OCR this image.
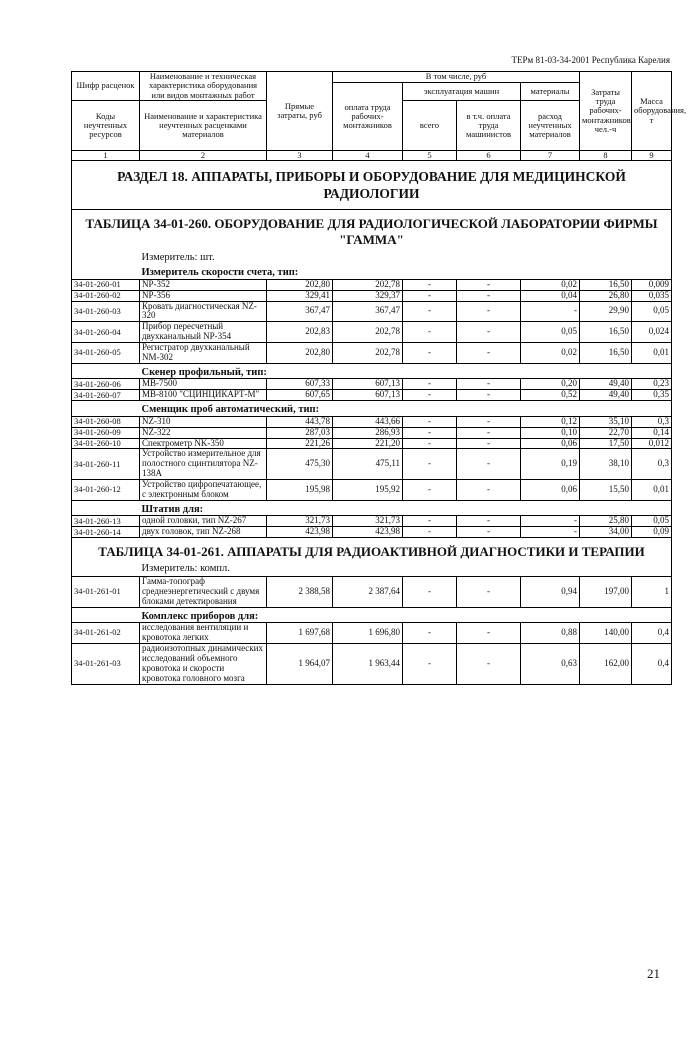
ТЕРм 81-03-34-2001 Республика Карелия
Шифр расценок	Наименование и техническая характеристика оборудования или видов монтажных работ	Прямые затраты, руб	В том числе, руб				Затраты труда рабочих-монтажников чел.-ч	Масса оборудования, т
			оплата труда рабочих-монтажников	эксплуатация машин		материалы		
Коды неучтенных ресурсов	Наименование и характеристика неучтенных расценками материалов			всего	в т.ч. оплата труда машинистов	расход неучтенных материалов		

1	2	3	4	5	6	7	8	9
РАЗДЕЛ 18. АППАРАТЫ, ПРИБОРЫ И ОБОРУДОВАНИЕ ДЛЯ МЕДИЦИНСКОЙ РАДИОЛОГИИ								
ТАБЛИЦА 34-01-260. ОБОРУДОВАНИЕ ДЛЯ РАДИОЛОГИЧЕСКОЙ ЛАБОРАТОРИИ ФИРМЫ "ГАММА"								
	Измеритель: шт.							
	Измеритель скорости счета, тип:							
34-01-260-01	NP-352	202,80	202,78	-	-	0,02	16,50	0,009
34-01-260-02	NP-356	329,41	329,37	-	-	0,04	26,80	0,035
34-01-260-03	Кровать диагностическая NZ-320	367,47	367,47	-	-	-	29,90	0,05
34-01-260-04	Прибор пересчетный двухканальный NP-354	202,83	202,78	-	-	0,05	16,50	0,024
34-01-260-05	Регистратор двухканальный NM-302	202,80	202,78	-	-	0,02	16,50	0,01
	Скенер профильный, тип:							
34-01-260-06	MB-7500	607,33	607,13	-	-	0,20	49,40	0,23
34-01-260-07	MB-8100 "СЦИНЦИКАРТ-М"	607,65	607,13	-	-	0,52	49,40	0,35
	Сменщик проб автоматический, тип:							
34-01-260-08	NZ-310	443,78	443,66	-	-	0,12	35,10	0,3
34-01-260-09	NZ-322	287,03	286,93	-	-	0,10	22,70	0,14
34-01-260-10	Спектрометр NK-350	221,26	221,20	-	-	0,06	17,50	0,012
34-01-260-11	Устройство измерительное для полостного сцинтилятора NZ-138A	475,30	475,11	-	-	0,19	38,10	0,3
34-01-260-12	Устройство цифропечатающее, с электронным блоком	195,98	195,92	-	-	0,06	15,50	0,01
	Штатив для:							
34-01-260-13	одной головки, тип NZ-267	321,73	321,73	-	-	-	25,80	0,05
34-01-260-14	двух головок, тип NZ-268	423,98	423,98	-	-	-	34,00	0,09
ТАБЛИЦА 34-01-261. АППАРАТЫ ДЛЯ РАДИОАКТИВНОЙ ДИАГНОСТИКИ И ТЕРАПИИ								
	Измеритель: компл.							
34-01-261-01	Гамма-топограф среднеэнергетический с двумя блоками детектирования	2 388,58	2 387,64	-	-	0,94	197,00	1
	Комплекс приборов для:							
34-01-261-02	исследования вентиляции и кровотока легких	1 697,68	1 696,80	-	-	0,88	140,00	0,4
34-01-261-03	радиоизотопных динамических исследований объемного кровотока и скорости кровотока головного мозга	1 964,07	1 963,44	-	-	0,63	162,00	0,4
21
